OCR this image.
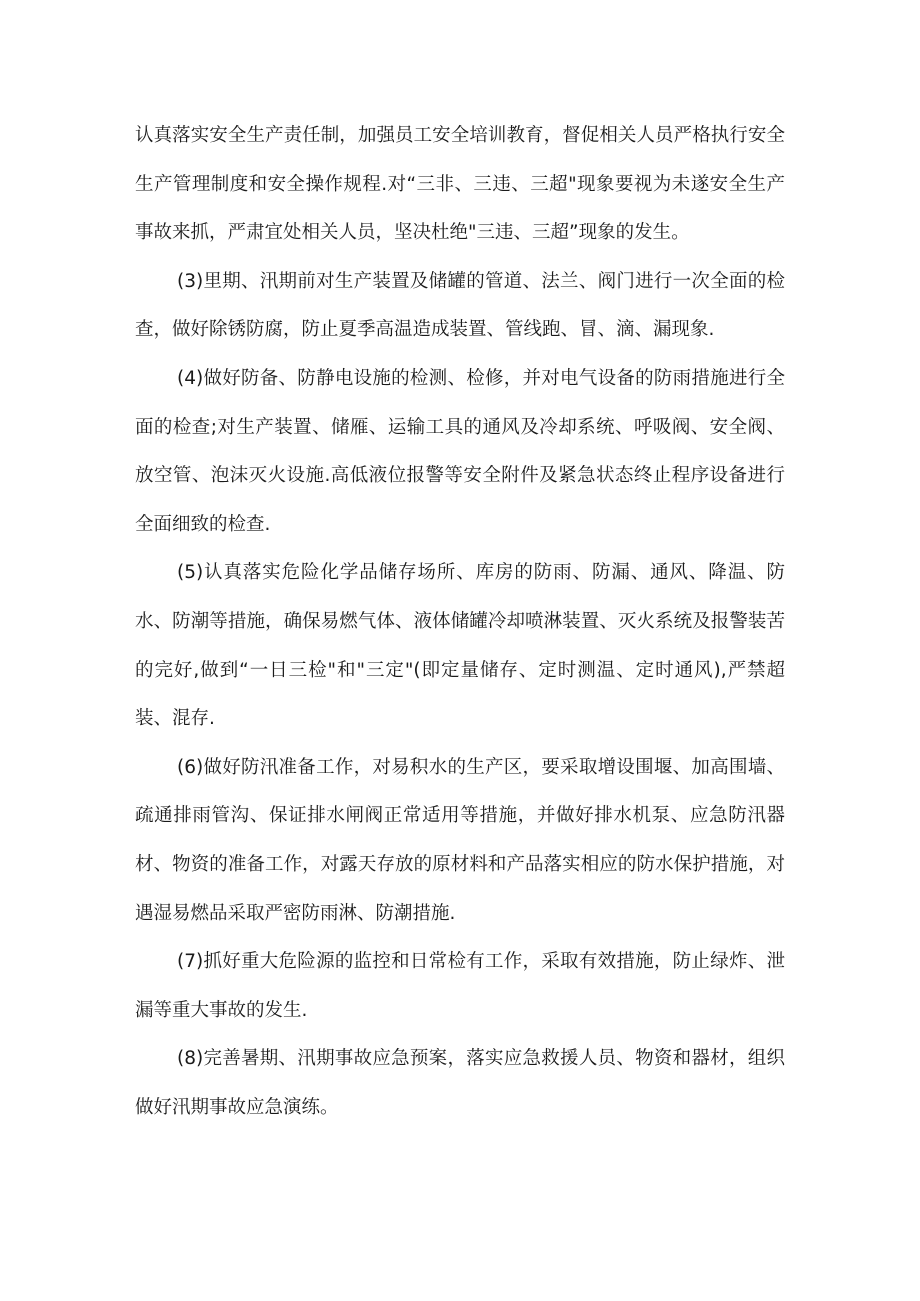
认真落实安全生产责任制，加强员工安全培训教育，督促相关人员严格执行安全生产管理制度和安全操作规程.对“三非、三违、三超"现象要视为未遂安全生产事故来抓，严肃宜处相关人员，坚决杜绝"三违、三超”现象的发生。

(3)里期、汛期前对生产装置及储罐的管道、法兰、阀门进行一次全面的检查，做好除锈防腐，防止夏季高温造成装置、管线跑、冒、滴、漏现象.

(4)做好防备、防静电设施的检测、检修，并对电气设备的防雨措施进行全面的检查;对生产装置、储雁、运输工具的通风及冷却系统、呼吸阀、安全阀、放空管、泡沫灭火设施.高低液位报警等安全附件及紧急状态终止程序设备进行全面细致的检查.

(5)认真落实危险化学品储存场所、库房的防雨、防漏、通风、降温、防水、防潮等措施，确保易燃气体、液体储罐冷却喷淋装置、灭火系统及报警装苦的完好,做到“一日三检"和"三定"(即定量储存、定时测温、定时通风),严禁超装、混存.

(6)做好防汛准备工作，对易积水的生产区，要采取增设围堰、加高围墙、疏通排雨管沟、保证排水闸阀正常适用等措施，并做好排水机泵、应急防汛器材、物资的准备工作，对露天存放的原材料和产品落实相应的防水保护措施，对遇湿易燃品采取严密防雨淋、防潮措施.

(7)抓好重大危险源的监控和日常检有工作，采取有效措施，防止绿炸、泄漏等重大事故的发生.

(8)完善暑期、汛期事故应急预案，落实应急救援人员、物资和器材，组织做好汛期事故应急演练。
